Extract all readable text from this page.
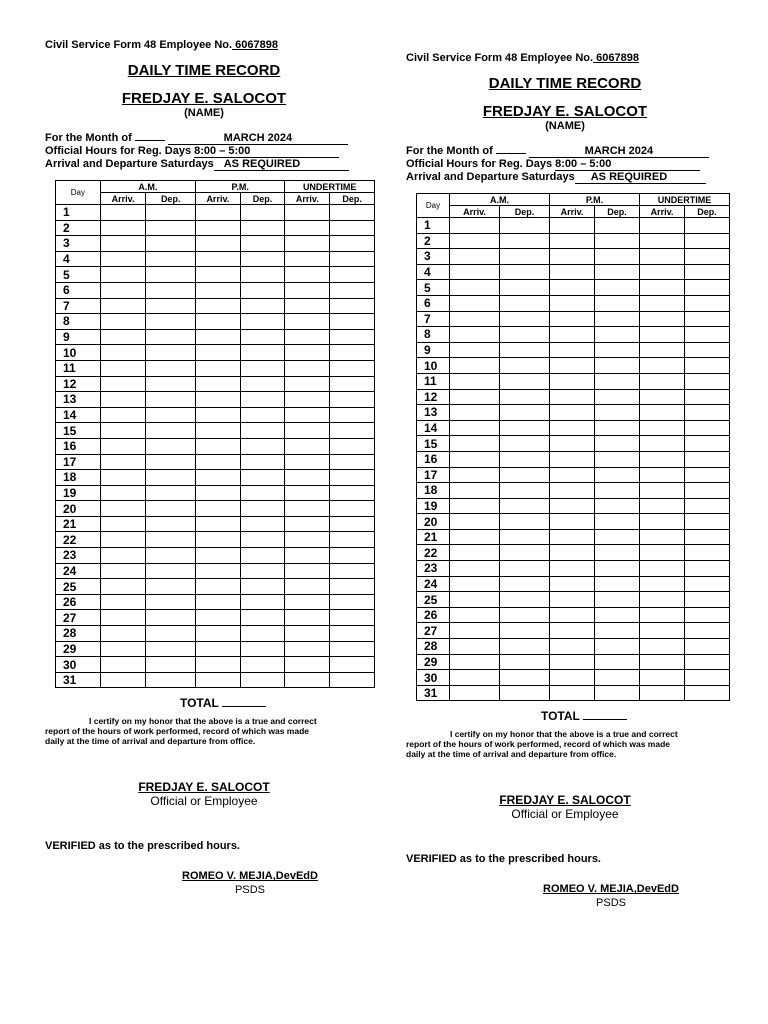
Civil Service Form 48 Employee No. 6067898
DAILY TIME RECORD
FREDJAY E. SALOCOT
(NAME)
For the Month of	MARCH 2024
Official Hours for Reg. Days 8:00 – 5:00
Arrival and Departure Saturdays AS REQUIRED
Day	A.M.		P.M.		UNDERTIME	
	Arriv.	Dep.	Arriv.	Dep.	Arriv.	Dep.
1						
2						
3						
4						
5						
6						
7						
8						
9						
10						
11						
12						
13						
14						
15						
16						
17						
18						
19						
20						
21						
22						
23						
24						
25						
26						
27						
28						
29						
30						
31						
TOTAL
I certify on my honor that the above is a true and correct
report of the hours of work performed, record of which was made
daily at the time of arrival and departure from office.
FREDJAY E. SALOCOT
Official or Employee
VERIFIED as to the prescribed hours.
ROMEO V. MEJIA,DevEdD
PSDS
Civil Service Form 48 Employee No. 6067898
DAILY TIME RECORD
FREDJAY E. SALOCOT
(NAME)
For the Month of	MARCH 2024
Official Hours for Reg. Days 8:00 – 5:00
Arrival and Departure Saturdays AS REQUIRED
Day	A.M.		P.M.		UNDERTIME	
	Arriv.	Dep.	Arriv.	Dep.	Arriv.	Dep.
1						
2						
3						
4						
5						
6						
7						
8						
9						
10						
11						
12						
13						
14						
15						
16						
17						
18						
19						
20						
21						
22						
23						
24						
25						
26						
27						
28						
29						
30						
31						
TOTAL
I certify on my honor that the above is a true and correct
report of the hours of work performed, record of which was made
daily at the time of arrival and departure from office.
FREDJAY E. SALOCOT
Official or Employee
VERIFIED as to the prescribed hours.
ROMEO V. MEJIA,DevEdD
PSDS
